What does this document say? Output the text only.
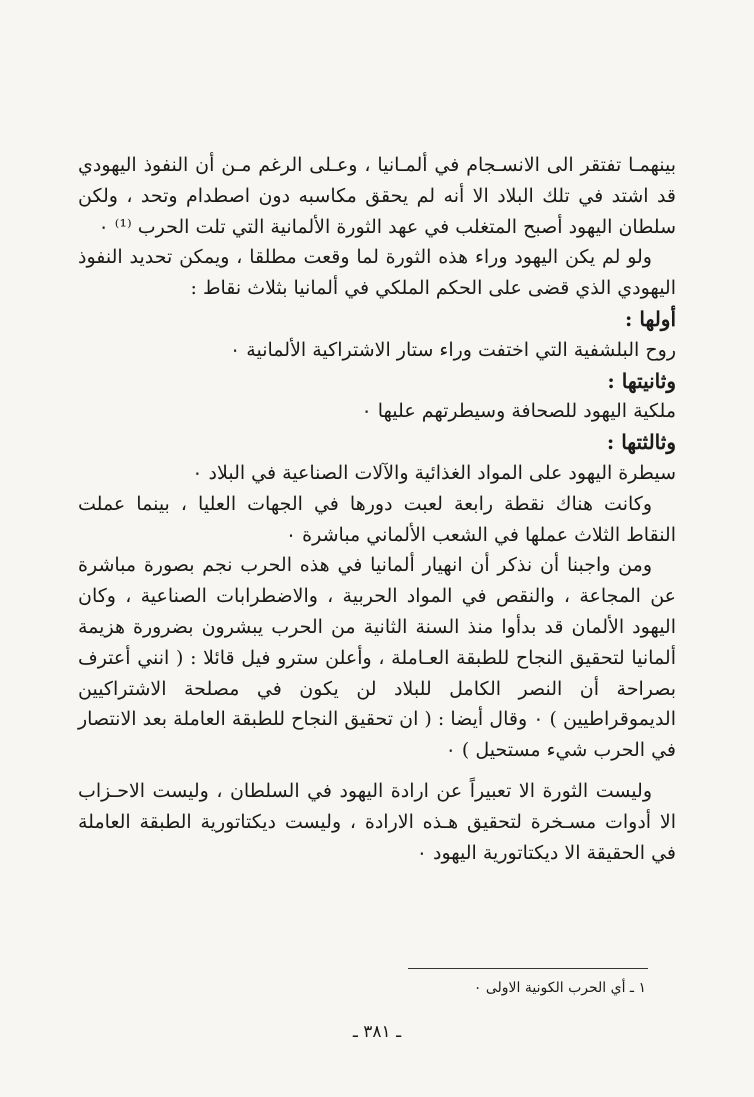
بينهمـا تفتقر الى الانسـجام في ألمـانيا ، وعـلى الرغم مـن أن النفوذ اليهودي قد اشتد في تلك البلاد الا أنه لم يحقق مكاسبه دون اصطدام وتحد ، ولكن سلطان اليهود أصبح المتغلب في عهد الثورة الألمانية التي تلت الحرب ⁽¹⁾ ٠

ولو لم يكن اليهود وراء هذه الثورة لما وقعت مطلقا ، ويمكن تحديد النفوذ اليهودي الذي قضى على الحكم الملكي في ألمانيا بثلاث نقاط :

أولها :

روح البلشفية التي اختفت وراء ستار الاشتراكية الألمانية ٠

وثانيتها :

ملكية اليهود للصحافة وسيطرتهم عليها ٠

وثالثتها :

سيطرة اليهود على المواد الغذائية والآلات الصناعية في البلاد ٠

وكانت هناك نقطة رابعة لعبت دورها في الجهات العليا ، بينما عملت النقاط الثلاث عملها في الشعب الألماني مباشرة ٠

ومن واجبنا أن نذكر أن انهيار ألمانيا في هذه الحرب نجم بصورة مباشرة عن المجاعة ، والنقص في المواد الحربية ، والاضطرابات الصناعية ، وكان اليهود الألمان قد بدأوا منذ السنة الثانية من الحرب يبشرون بضرورة هزيمة ألمانيا لتحقيق النجاح للطبقة العـاملة ، وأعلن سترو فيل قائلا : ( انني أعترف بصراحة أن النصر الكامل للبلاد لن يكون في مصلحة الاشتراكيين الديموقراطيين ) ٠ وقال أيضا : ( ان تحقيق النجاح للطبقة العاملة بعد الانتصار في الحرب شيء مستحيل ) ٠

وليست الثورة الا تعبيراً عن ارادة اليهود في السلطان ، وليست الاحـزاب الا أدوات مسـخرة لتحقيق هـذه الارادة ، وليست ديكتاتورية الطبقة العاملة في الحقيقة الا ديكتاتورية اليهود ٠

١ ـ أي الحرب الكونية الاولى ٠

ـ ٣٨١ ـ
